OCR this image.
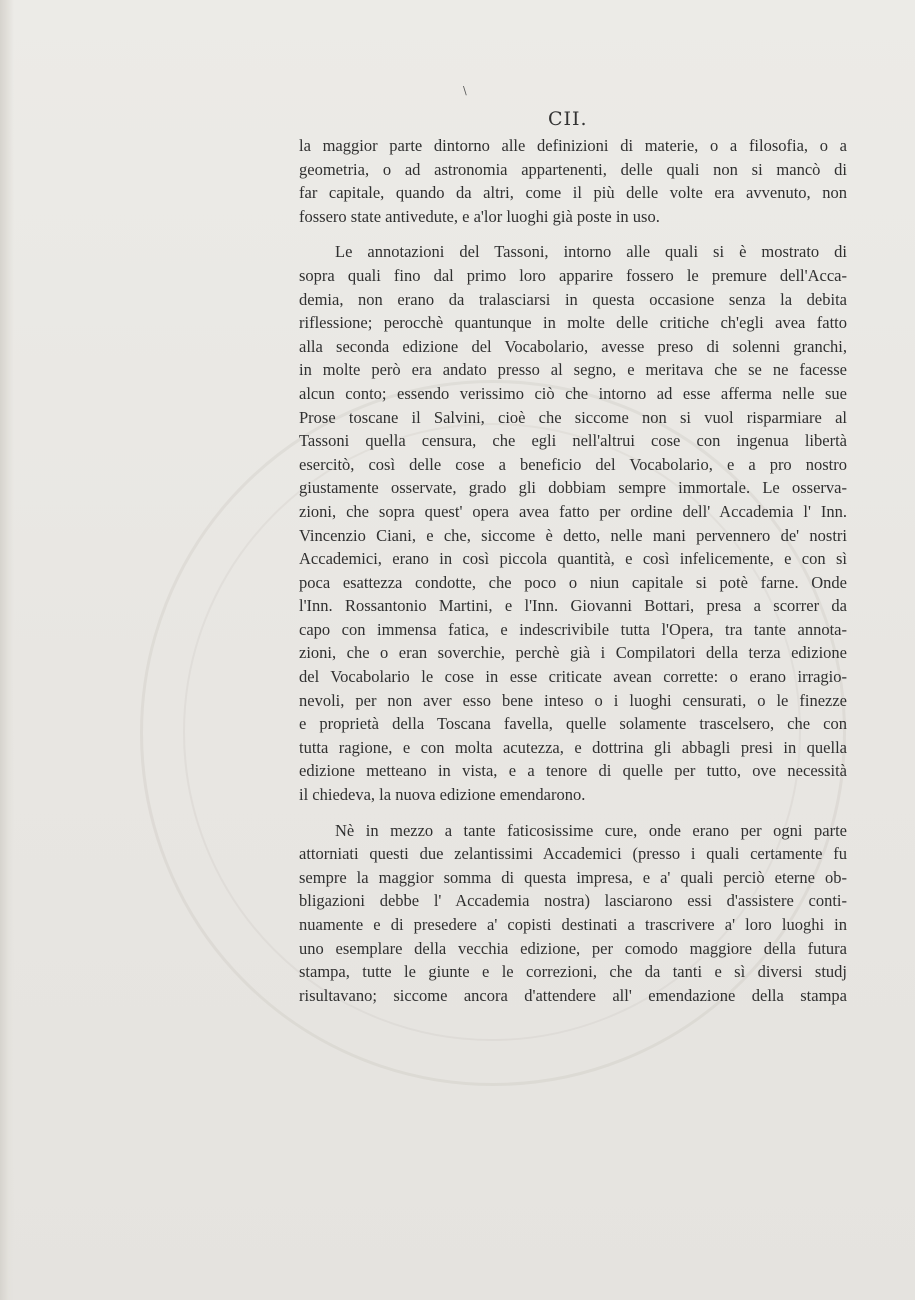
\
CII.
la maggior parte dintorno alle definizioni di materie, o a filosofia, o a
geometria, o ad astronomia appartenenti, delle quali non si mancò di
far capitale, quando da altri, come il più delle volte era avvenuto, non
fossero state antivedute, e a'lor luoghi già poste in uso.
Le annotazioni del Tassoni, intorno alle quali si è mostrato di
sopra quali fino dal primo loro apparire fossero le premure dell'Acca-
demia, non erano da tralasciarsi in questa occasione senza la debita
riflessione; perocchè quantunque in molte delle critiche ch'egli avea fatto
alla seconda edizione del Vocabolario, avesse preso di solenni granchi,
in molte però era andato presso al segno, e meritava che se ne facesse
alcun conto; essendo verissimo ciò che intorno ad esse afferma nelle sue
Prose toscane il Salvini, cioè che siccome non si vuol risparmiare al
Tassoni quella censura, che egli nell'altrui cose con ingenua libertà
esercitò, così delle cose a beneficio del Vocabolario, e a pro nostro
giustamente osservate, grado gli dobbiam sempre immortale. Le osserva-
zioni, che sopra quest' opera avea fatto per ordine dell' Accademia l' Inn.
Vincenzio Ciani, e che, siccome è detto, nelle mani pervennero de' nostri
Accademici, erano in così piccola quantità, e così infelicemente, e con sì
poca esattezza condotte, che poco o niun capitale si potè farne. Onde
l'Inn. Rossantonio Martini, e l'Inn. Giovanni Bottari, presa a scorrer da
capo con immensa fatica, e indescrivibile tutta l'Opera, tra tante annota-
zioni, che o eran soverchie, perchè già i Compilatori della terza edizione
del Vocabolario le cose in esse criticate avean corrette: o erano irragio-
nevoli, per non aver esso bene inteso o i luoghi censurati, o le finezze
e proprietà della Toscana favella, quelle solamente trascelsero, che con
tutta ragione, e con molta acutezza, e dottrina gli abbagli presi in quella
edizione metteano in vista, e a tenore di quelle per tutto, ove necessità
il chiedeva, la nuova edizione emendarono.
Nè in mezzo a tante faticosissime cure, onde erano per ogni parte
attorniati questi due zelantissimi Accademici (presso i quali certamente fu
sempre la maggior somma di questa impresa, e a' quali perciò eterne ob-
bligazioni debbe l' Accademia nostra) lasciarono essi d'assistere conti-
nuamente e di presedere a' copisti destinati a trascrivere a' loro luoghi in
uno esemplare della vecchia edizione, per comodo maggiore della futura
stampa, tutte le giunte e le correzioni, che da tanti e sì diversi studj
risultavano; siccome ancora d'attendere all' emendazione della stampa
